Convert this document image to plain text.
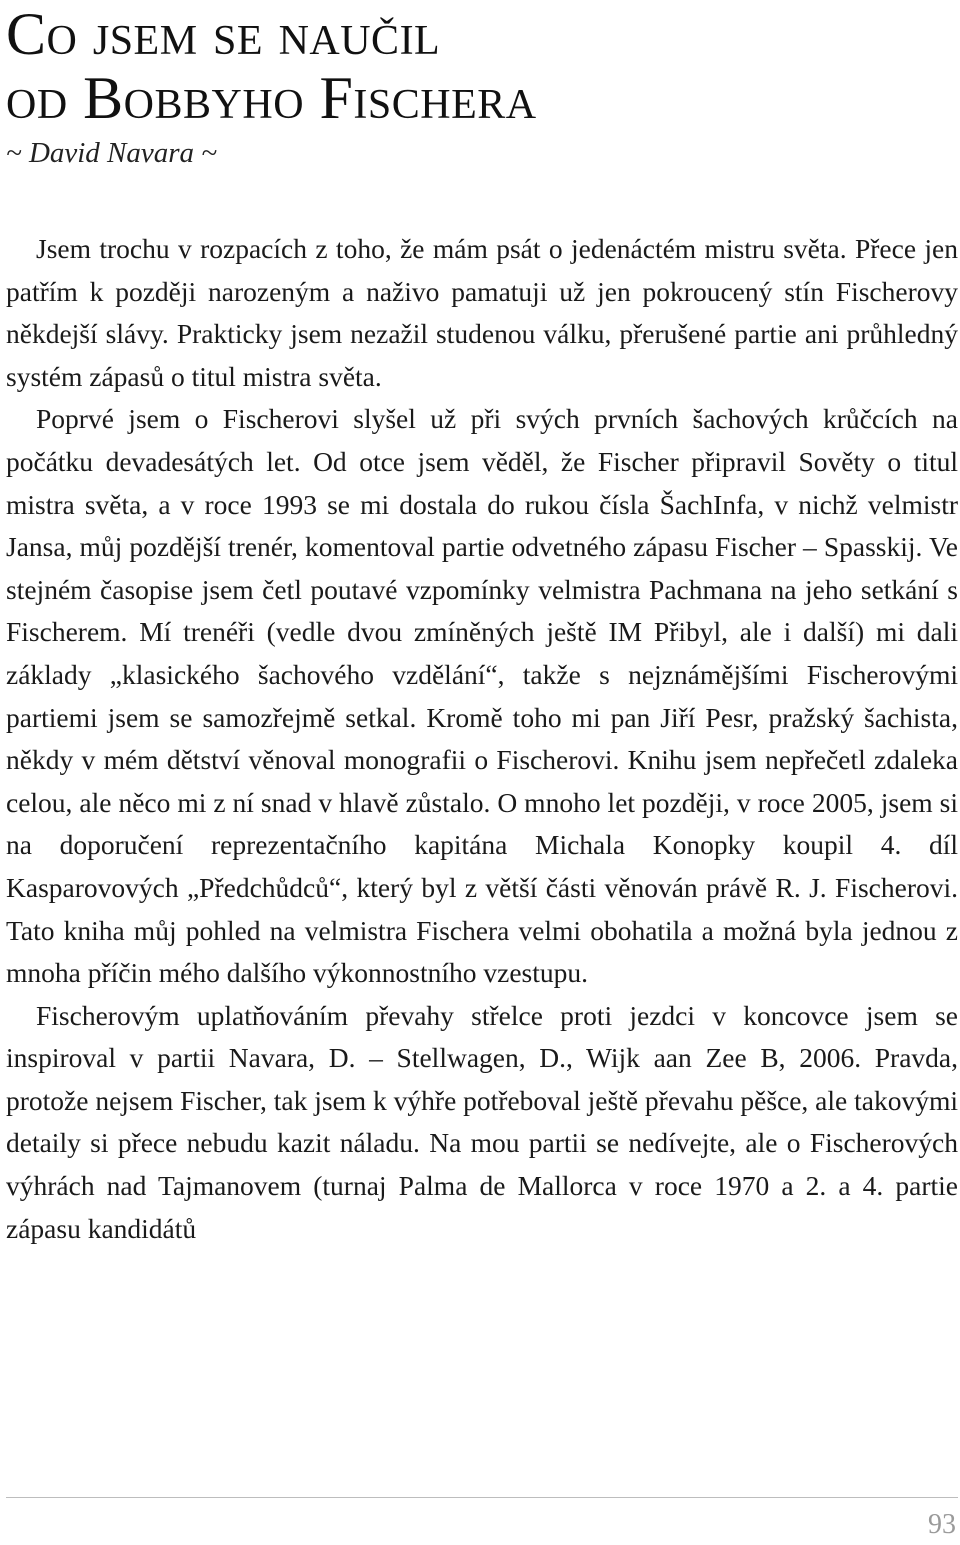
Co jsem se naučil
od Bobbyho Fischera

~ David Navara ~

Jsem trochu v rozpacích z toho, že mám psát o jedenáctém mistru světa. Přece jen patřím k později narozeným a naživo pamatuji už jen pokroucený stín Fischerovy někdejší slávy. Prakticky jsem nezažil studenou válku, přerušené partie ani průhledný systém zápasů o titul mistra světa.

Poprvé jsem o Fischerovi slyšel už při svých prvních šachových krůčcích na počátku devadesátých let. Od otce jsem věděl, že Fischer připravil Sověty o titul mistra světa, a v roce 1993 se mi dostala do rukou čísla ŠachInfa, v nichž velmistr Jansa, můj pozdější trenér, komentoval partie odvetného zápasu Fischer – Spasskij. Ve stejném časopise jsem četl poutavé vzpomínky velmistra Pachmana na jeho setkání s Fischerem. Mí trenéři (vedle dvou zmíněných ještě IM Přibyl, ale i další) mi dali základy „klasického šachového vzdělání“, takže s nejznámějšími Fischerovými partiemi jsem se samozřejmě setkal. Kromě toho mi pan Jiří Pesr, pražský šachista, někdy v mém dětství věnoval monografii o Fischerovi. Knihu jsem nepřečetl zdaleka celou, ale něco mi z ní snad v hlavě zůstalo. O mnoho let později, v roce 2005, jsem si na doporučení reprezentačního kapitána Michala Konopky koupil 4. díl Kasparovových „Předchůdců“, který byl z větší části věnován právě R. J. Fischerovi. Tato kniha můj pohled na velmistra Fischera velmi obohatila a možná byla jednou z mnoha příčin mého dalšího výkonnostního vzestupu.

Fischerovým uplatňováním převahy střelce proti jezdci v koncovce jsem se inspiroval v partii Navara, D. – Stellwagen, D., Wijk aan Zee B, 2006. Pravda, protože nejsem Fischer, tak jsem k výhře potřeboval ještě převahu pěšce, ale takovými detaily si přece nebudu kazit náladu. Na mou partii se nedívejte, ale o Fischerových výhrách nad Tajmanovem (turnaj Palma de Mallorca v roce 1970 a 2. a 4. partie zápasu kandidátů

93
